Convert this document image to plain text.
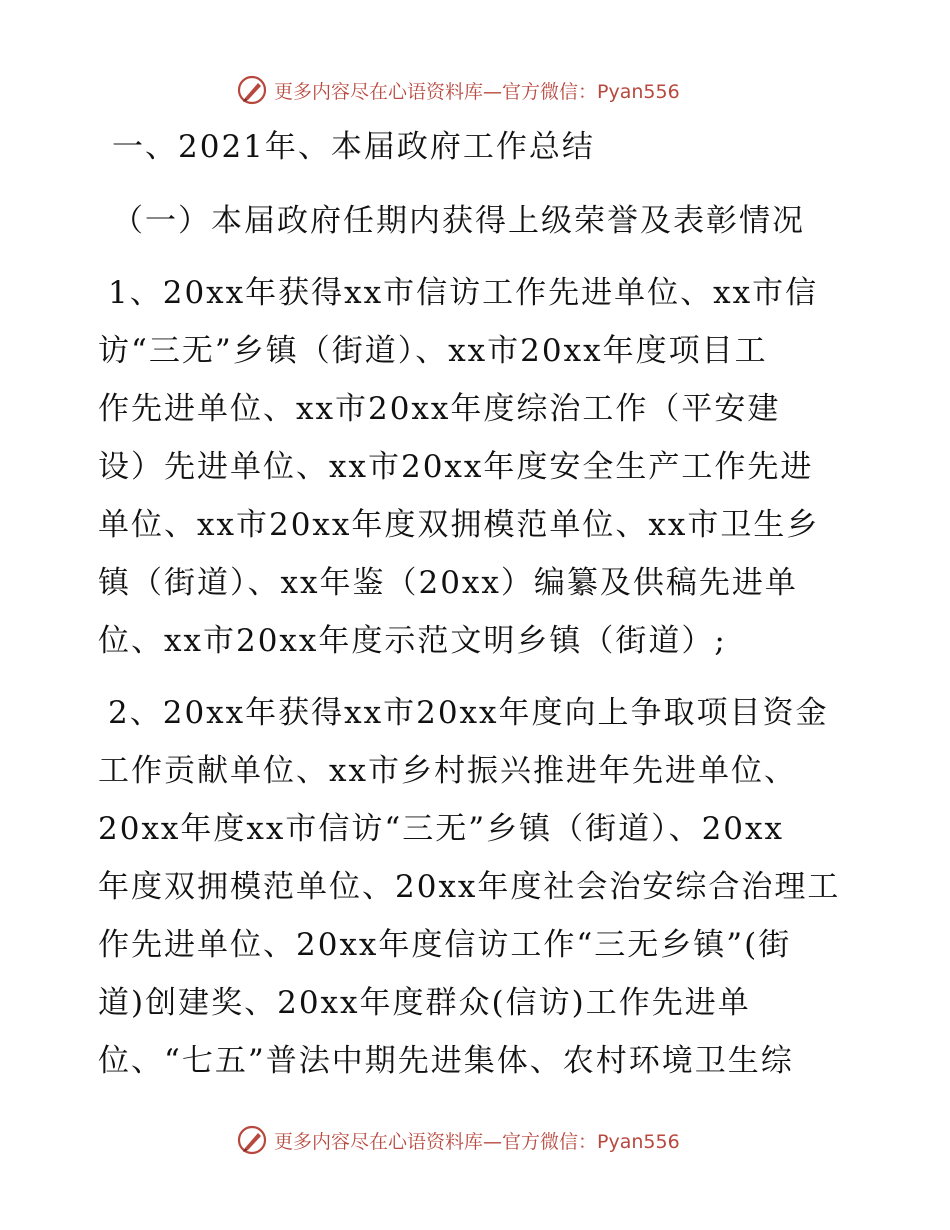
更多内容尽在心语资料库—官方微信：Pyan556
一、2021年、本届政府工作总结
（一）本届政府任期内获得上级荣誉及表彰情况
1、20xx年获得xx市信访工作先进单位、xx市信
访“三无”乡镇（街道）、xx市20xx年度项目工
作先进单位、xx市20xx年度综治工作（平安建
设）先进单位、xx市20xx年度安全生产工作先进
单位、xx市20xx年度双拥模范单位、xx市卫生乡
镇（街道）、xx年鉴（20xx）编纂及供稿先进单
位、xx市20xx年度示范文明乡镇（街道）;
2、20xx年获得xx市20xx年度向上争取项目资金
工作贡献单位、xx市乡村振兴推进年先进单位、
20xx年度xx市信访“三无”乡镇（街道）、20xx
年度双拥模范单位、20xx年度社会治安综合治理工
作先进单位、20xx年度信访工作“三无乡镇”(街
道)创建奖、20xx年度群众(信访)工作先进单
位、“七五”普法中期先进集体、农村环境卫生综
更多内容尽在心语资料库—官方微信：Pyan556
